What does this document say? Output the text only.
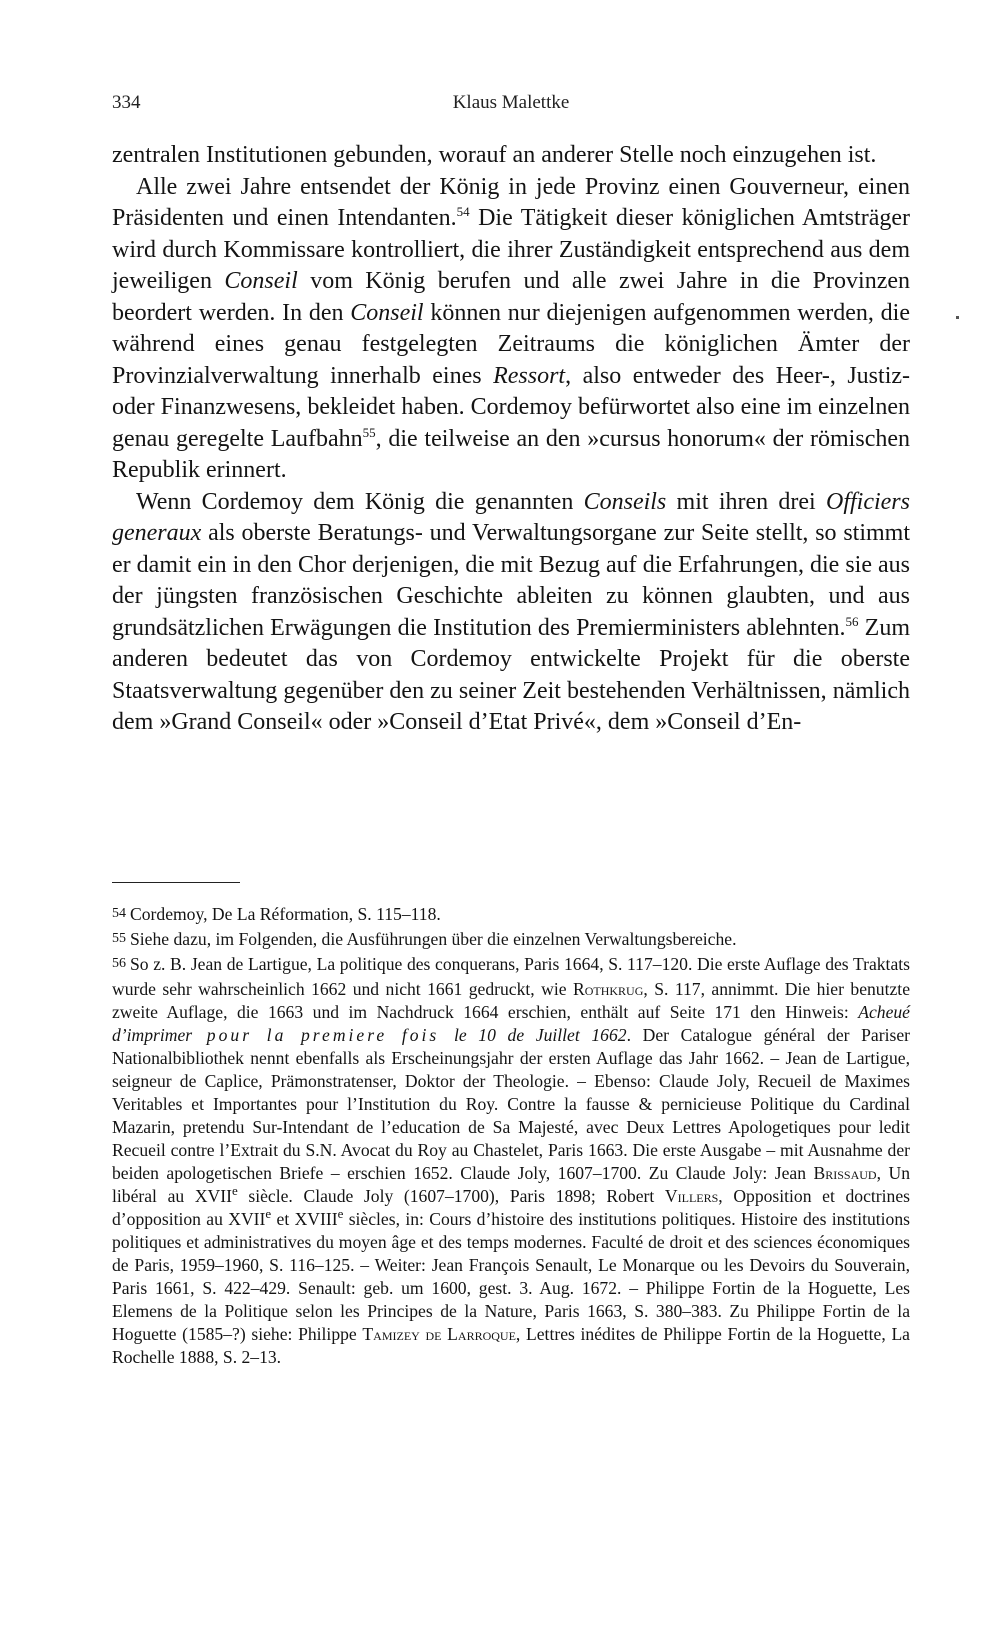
334	Klaus Malettke

zentralen Institutionen gebunden, worauf an anderer Stelle noch einzugehen ist.

Alle zwei Jahre entsendet der König in jede Provinz einen Gouverneur, einen Präsidenten und einen Intendanten.$^{54}$ Die Tätigkeit dieser königlichen Amtsträger wird durch Kommissare kontrolliert, die ihrer Zuständigkeit entsprechend aus dem jeweiligen Conseil vom König berufen und alle zwei Jahre in die Provinzen beordert werden. In den Conseil können nur diejenigen aufgenommen werden, die während eines genau festgelegten Zeitraums die königlichen Ämter der Provinzialverwaltung innerhalb eines Ressort, also entweder des Heer-, Justiz- oder Finanzwesens, bekleidet haben. Cordemoy befürwortet also eine im einzelnen genau geregelte Laufbahn$^{55}$, die teilweise an den »cursus honorum« der römischen Republik erinnert.

Wenn Cordemoy dem König die genannten Conseils mit ihren drei Officiers generaux als oberste Beratungs- und Verwaltungsorgane zur Seite stellt, so stimmt er damit ein in den Chor derjenigen, die mit Bezug auf die Erfahrungen, die sie aus der jüngsten französischen Geschichte ableiten zu können glaubten, und aus grundsätzlichen Erwägungen die Institution des Premierministers ablehnten.$^{56}$ Zum anderen bedeutet das von Cordemoy entwickelte Projekt für die oberste Staatsverwaltung gegenüber den zu seiner Zeit bestehenden Verhältnissen, nämlich dem »Grand Conseil« oder »Conseil d’Etat Privé«, dem »Conseil d’En-

54 Cordemoy, De La Réformation, S. 115–118.

55 Siehe dazu, im Folgenden, die Ausführungen über die einzelnen Verwaltungsbereiche.

56 So z. B. Jean de Lartigue, La politique des conquerans, Paris 1664, S. 117–120. Die erste Auflage des Traktats wurde sehr wahrscheinlich 1662 und nicht 1661 gedruckt, wie Rothkrug, S. 117, annimmt. Die hier benutzte zweite Auflage, die 1663 und im Nachdruck 1664 erschien, enthält auf Seite 171 den Hinweis: Acheué d’imprimer pour la premiere fois le 10 de Juillet 1662. Der Catalogue général der Pariser Nationalbibliothek nennt ebenfalls als Erscheinungsjahr der ersten Auflage das Jahr 1662. – Jean de Lartigue, seigneur de Caplice, Prämonstratenser, Doktor der Theologie. – Ebenso: Claude Joly, Recueil de Maximes Veritables et Importantes pour l’Institution du Roy. Contre la fausse & pernicieuse Politique du Cardinal Mazarin, pretendu Sur-Intendant de l’education de Sa Majesté, avec Deux Lettres Apologetiques pour ledit Recueil contre l’Extrait du S.N. Avocat du Roy au Chastelet, Paris 1663. Die erste Ausgabe – mit Ausnahme der beiden apologetischen Briefe – erschien 1652. Claude Joly, 1607–1700. Zu Claude Joly: Jean Brissaud, Un libéral au XVIIe siècle. Claude Joly (1607–1700), Paris 1898; Robert Villers, Opposition et doctrines d’opposition au XVIIe et XVIIIe siècles, in: Cours d’histoire des institutions politiques. Histoire des institutions politiques et administratives du moyen âge et des temps modernes. Faculté de droit et des sciences économiques de Paris, 1959–1960, S. 116–125. – Weiter: Jean François Senault, Le Monarque ou les Devoirs du Souverain, Paris 1661, S. 422–429. Senault: geb. um 1600, gest. 3. Aug. 1672. – Philippe Fortin de la Hoguette, Les Elemens de la Politique selon les Principes de la Nature, Paris 1663, S. 380–383. Zu Philippe Fortin de la Hoguette (1585–?) siehe: Philippe Tamizey de Larroque, Lettres inédites de Philippe Fortin de la Hoguette, La Rochelle 1888, S. 2–13.
